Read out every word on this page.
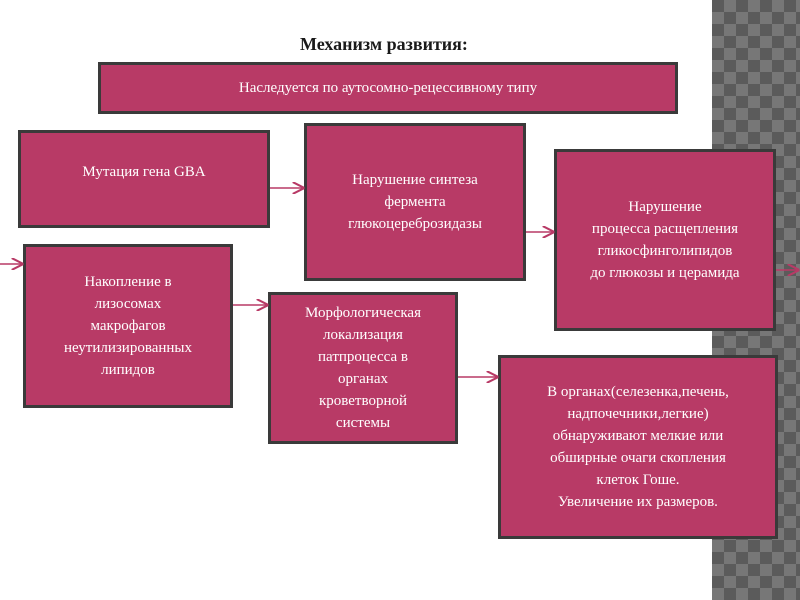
Механизм развития:
Наследуется по аутосомно-рецессивному типу
Мутация гена GBA	Нарушение синтеза
фермента
глюкоцереброзидазы
Нарушение
процесса расщепления
гликосфинголипидов
до глюкозы и церамида
Накопление в
лизосомах
макрофагов
неутилизированных
липидов
Морфологическая
локализация
патпроцесса в
органах
кроветворной
системы
В органах(селезенка,печень,
надпочечники,легкие)
обнаруживают мелкие или
обширные очаги скопления
клеток Гоше.
Увеличение их размеров.
